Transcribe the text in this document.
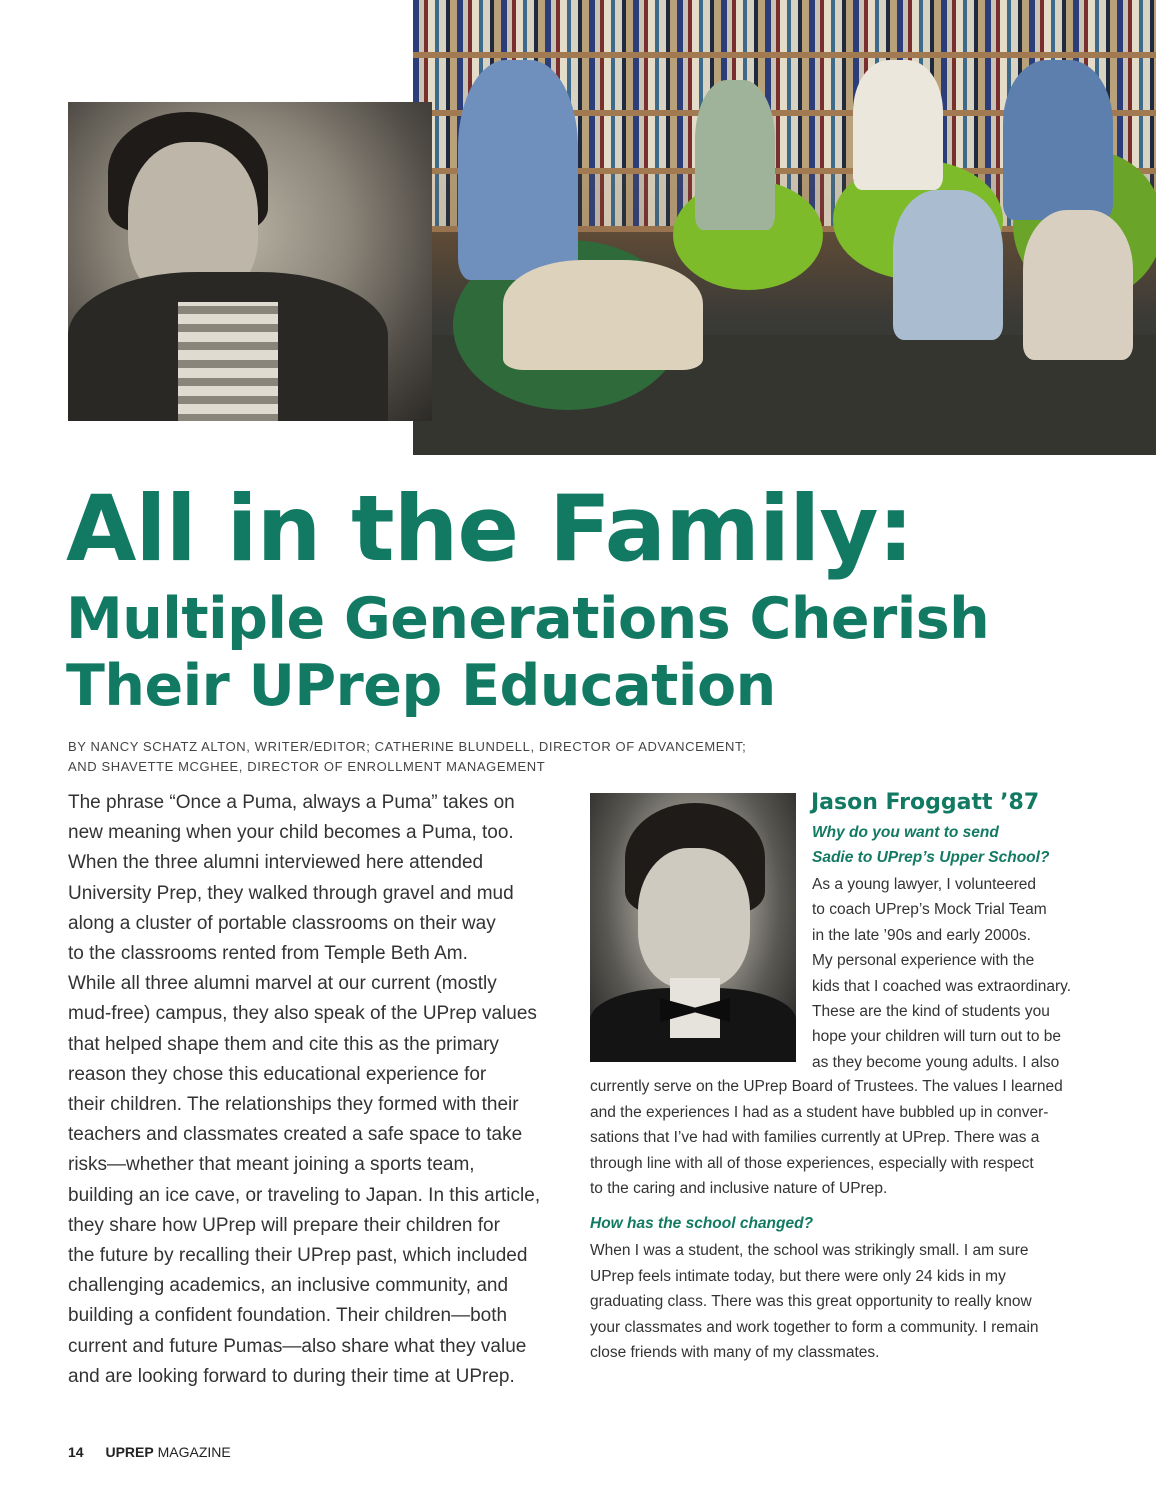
All in the Family:
Multiple Generations Cherish Their UPrep Education
BY NANCY SCHATZ ALTON, WRITER/EDITOR; CATHERINE BLUNDELL, DIRECTOR OF ADVANCEMENT;
AND SHAVETTE MCGHEE, DIRECTOR OF ENROLLMENT MANAGEMENT
The phrase “Once a Puma, always a Puma” takes on
new meaning when your child becomes a Puma, too.
When the three alumni interviewed here attended
University Prep, they walked through gravel and mud
along a cluster of portable classrooms on their way
to the classrooms rented from Temple Beth Am.
While all three alumni marvel at our current (mostly
mud-free) campus, they also speak of the UPrep values
that helped shape them and cite this as the primary
reason they chose this educational experience for
their children. The relationships they formed with their
teachers and classmates created a safe space to take
risks—whether that meant joining a sports team,
building an ice cave, or traveling to Japan. In this article,
they share how UPrep will prepare their children for
the future by recalling their UPrep past, which included
challenging academics, an inclusive community, and
building a confident foundation. Their children—both
current and future Pumas—also share what they value
and are looking forward to during their time at UPrep.
Jason Froggatt ’87
Why do you want to send
Sadie to UPrep’s Upper School?
As a young lawyer, I volunteered
to coach UPrep’s Mock Trial Team
in the late ’90s and early 2000s.
My personal experience with the
kids that I coached was extraordinary.
These are the kind of students you
hope your children will turn out to be
as they become young adults. I also
currently serve on the UPrep Board of Trustees. The values I learned
and the experiences I had as a student have bubbled up in conver-
sations that I’ve had with families currently at UPrep. There was a
through line with all of those experiences, especially with respect
to the caring and inclusive nature of UPrep.
How has the school changed?
When I was a student, the school was strikingly small. I am sure
UPrep feels intimate today, but there were only 24 kids in my
graduating class. There was this great opportunity to really know
your classmates and work together to form a community. I remain
close friends with many of my classmates.
14 UPREP MAGAZINE
